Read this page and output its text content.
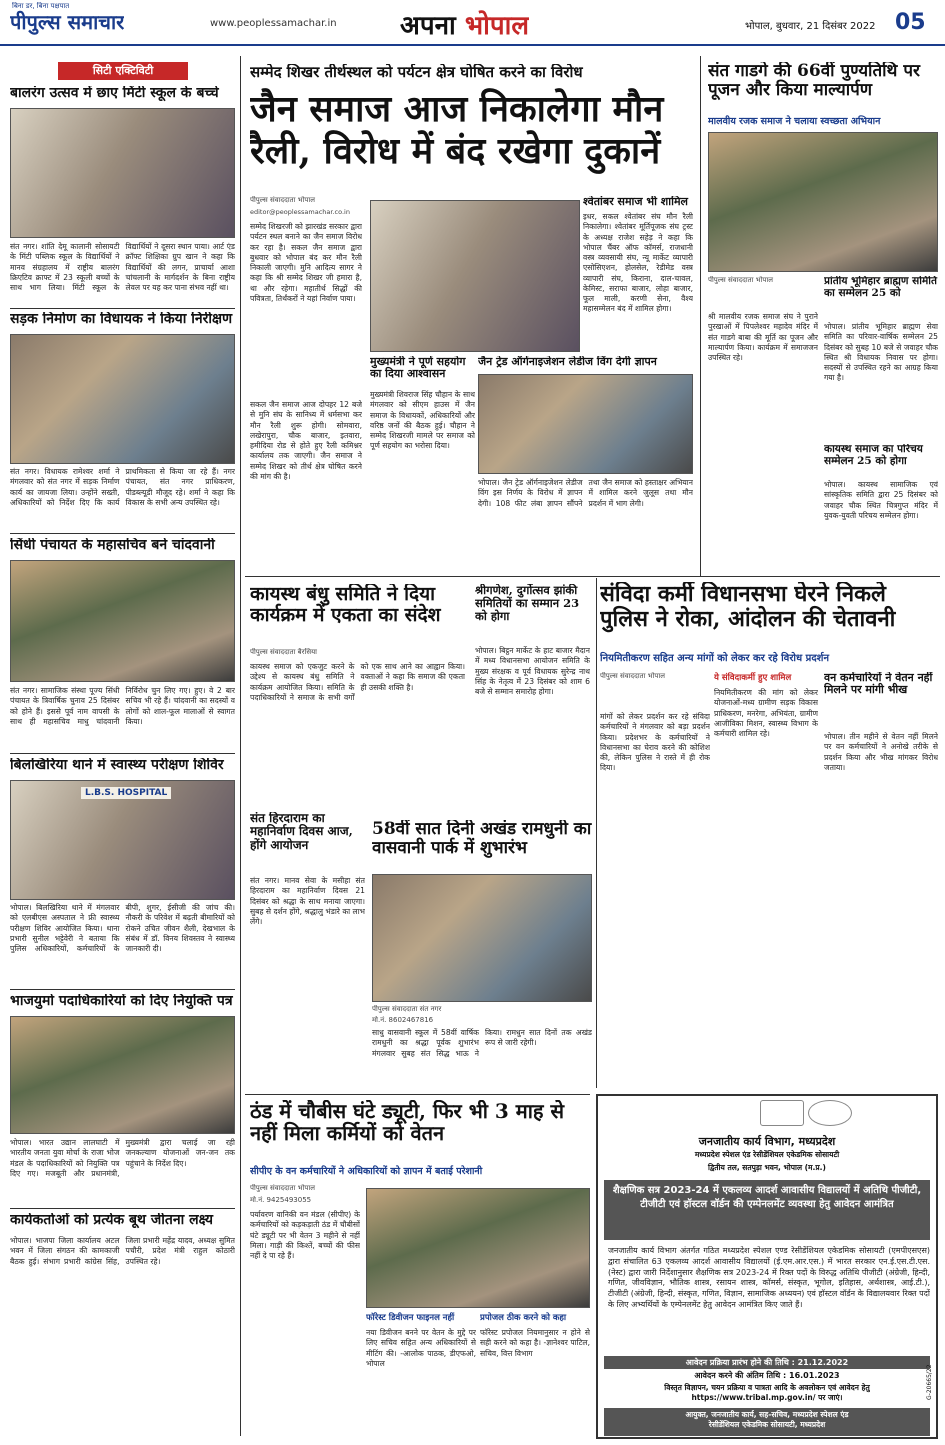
बिना डर, बिना पक्षपात
पीपुल्स समाचार	www.peoplessamachar.in अपना भोपाल	भोपाल, बुधवार, 21 दिसंबर 2022 05
सिटी एक्टिविटी
बालरंग उत्सव में छाए मिंटी स्कूल के बच्चे
संत नगर। शांति देमू कालानी सोसायटी के मिंटी पब्लिक स्कूल के विद्यार्थियों ने मानव संग्रहालय में राष्ट्रीय बालरंग क्रिएटिव क्राफ्ट में 23 स्कूली बच्चों के साथ भाग लिया। मिंटी स्कूल के विद्यार्थियों ने दूसरा स्थान पाया। आर्ट एंड क्रॉफ्ट शिक्षिका ग्रुप खान ने कहा कि विद्यार्थियों की लगन, प्राचार्या आशा चांचलानी के मार्गदर्शन के बिना राष्ट्रीय लेवल पर यह कर पाना संभव नहीं था।
सड़क निर्माण का विधायक ने किया निरीक्षण
संत नगर। विधायक रामेश्वर शर्मा ने मंगलवार को संत नगर में सड़क निर्माण कार्य का जायजा लिया। उन्होंने सख्ती, अधिकारियों को निर्देश दिए कि कार्य प्राथमिकता से किया जा रहे हैं। नगर पंचायत, संत नगर प्राधिकरण, पीडब्ल्यूडी मौजूद रहे। शर्मा ने कहा कि विकास के सभी अन्य उपस्थित रहे।
सिंधी पंचायत के महासचिव बने चांदवानी
संत नगर। सामाजिक संस्था पूज्य सिंधी पंचायत के त्रिवार्षिक चुनाव 25 दिसंबर को होने हैं। इससे पूर्व नाम वापसी के साथ ही महासचिव माधु चांदवानी निर्विरोध चुन लिए गए। हुए। वे 2 बार सचिव भी रहे हैं। चांदवानी का सदस्यों व लोगों को शाल-फूल मालाओं से स्वागत किया।
बिलखिरिया थाने में स्वास्थ्य परीक्षण शिविर
L.B.S. HOSPITAL
भोपाल। बिलखिरिया थाने में मंगलवार को एलबीएस अस्पताल ने फ्री स्वास्थ्य परीक्षण शिविर आयोजित किया। थाना प्रभारी सुनील भट्टेवेरी ने बताया कि पुलिस अधिकारियों, कर्मचारियों के बीपी, शुगर, ईसीजी की जांच की। नौकरी के परिवेश में बढ़ती बीमारियों को रोकने उचित जीवन शैली, देखभाल के संबंध में डॉ. विनय शिवस्तव ने स्वास्थ्य जानकारी दी।
भाजयुमो पदाधिकारियों को दिए नियुक्ति पत्र
भोपाल। भारत उद्यान लालघाटी में भारतीय जनता युवा मोर्चा के राजा भोज मंडल के पदाधिकारियों को नियुक्ति पत्र दिए गए। मजबूती और प्रधानमंत्री, मुख्यमंत्री द्वारा चलाई जा रही जनकल्याण योजनाओं जन-जन तक पहुंचाने के निर्देश दिए।
कार्यकर्ताओं को प्रत्येक बूथ जीतना लक्ष्य
भोपाल। भाजपा जिला कार्यालय अटल भवन में जिला संगठन की कामकाजी बैठक हुई। संभाग प्रभारी कांग्रेस सिंह, जिला प्रभारी महेंद्र यादव, अध्यक्ष सुमित पचौरी, प्रदेश मंत्री राहुल कोठारी उपस्थित रहे।
सम्मेद शिखर तीर्थस्थल को पर्यटन क्षेत्र घोषित करने का विरोध
जैन समाज आज निकालेगा मौन रैली, विरोध में बंद रखेगा दुकानें
पीपुल्स संवाददाता भोपाल
editor@peoplessamachar.co.in
सम्मेद शिखरजी को झारखंड सरकार द्वारा पर्यटन स्थल बनाने का जैन समाज विरोध कर रहा है। सकल जैन समाज द्वारा बुधवार को भोपाल बंद कर मौन रैली निकाली जाएगी। मुनि आदित्य सागर ने कहा कि श्री सम्मेद शिखर जी हमारा है, था और रहेगा। महातीर्थ सिद्धों की पवित्रता, तिर्थंकरों ने यहां निर्वाण पाया।
सकल जैन समाज आज दोपहर 12 बजे से मुनि संघ के सानिध्य में धर्मसभा कर मौन रैली शुरू होगी। सोमवारा, लखेरापुरा, चौक बाजार, इतवारा, हमीदिया रोड से होते हुए रैली कमिश्नर कार्यालय तक जाएगी। जैन समाज ने सम्मेद शिखर को तीर्थ क्षेत्र घोषित करने की मांग की है।
श्वेतांबर समाज भी शामिल
इधर, सकल श्वेतांबर संघ मौन रैली निकालेगा। श्वेतांबर मूर्तिपूजक संघ ट्रस्ट के अध्यक्ष राजेश सहेड़ ने कहा कि भोपाल चैंबर ऑफ कॉमर्स, राजधानी वस्त्र व्यवसायी संघ, न्यू मार्केट व्यापारी एसोसिएशन, होलसेल, रेडीमेड वस्त्र व्यापारी संघ, किराना, दाल-चावल, केमिस्ट, सराफा बाजार, लोहा बाजार, फूल माली, करणी सेना, वैश्य महासम्मेलन बंद में शामिल होगा।
मुख्यमंत्री ने पूर्ण सहयोग का दिया आश्वासन
मुख्यमंत्री शिवराज सिंह चौहान के साथ मंगलवार को सीएम हाउस में जैन समाज के विधायकों, अधिकारियों और वरिष्ठ जनों की बैठक हुई। चौहान ने सम्मेद शिखरजी मामले पर समाज को पूर्ण सहयोग का भरोसा दिया।
जैन ट्रेड ऑर्गनाइजेशन लेडीज विंग देगी ज्ञापन
भोपाल। जैन ट्रेड ऑर्गनाइजेशन लेडीज विंग इस निर्णय के विरोध में ज्ञापन देगी। 108 फीट लंबा ज्ञापन सौंपने तथा जैन समाज को हस्ताक्षर अभियान में शामिल करने जुलूस तथा मौन प्रदर्शन में भाग लेगी।
संत गाडगे की 66वीं पुण्यतिथि पर पूजन और किया माल्यार्पण
मालवीय रजक समाज ने चलाया स्वच्छता अभियान
पीपुल्स संवाददाता भोपाल
श्री मालवीय रजक समाज संघ ने पुराने पुरखाओं में पिपलेश्वर महादेव मंदिर में संत गाडगे बाबा की मूर्ति का पूजन और माल्यार्पण किया। कार्यक्रम में समाजजन उपस्थित रहे।
प्रांतीय भूमिहार ब्राह्मण समिति का सम्मेलन 25 को
भोपाल। प्रांतीय भूमिहार ब्राह्मण सेवा समिति का परिवार-वार्षिक सम्मेलन 25 दिसंबर को सुबह 10 बजे से जवाहर चौक स्थित श्री विधायक निवास पर होगा। सदस्यों से उपस्थित रहने का आग्रह किया गया है।
कायस्थ समाज का परिचय सम्मेलन 25 को होगा
भोपाल। कायस्थ सामाजिक एवं सांस्कृतिक समिति द्वारा 25 दिसंबर को जवाहर चौक स्थित चित्रगुप्त मंदिर में युवक-युवती परिचय सम्मेलन होगा।
कायस्थ बंधु समिति ने दिया कार्यक्रम में एकता का संदेश
पीपुल्स संवाददाता बैरसिया
कायस्थ समाज को एकजुट करने के उद्देश्य से कायस्थ बंधु समिति ने कार्यक्रम आयोजित किया। समिति के पदाधिकारियों ने समाज के सभी वर्गों को एक साथ आने का आह्वान किया। वक्ताओं ने कहा कि समाज की एकता ही उसकी शक्ति है।
श्रीगणेश, दुर्गोत्सव झांकी समितियों का सम्मान 23 को होगा
भोपाल। बिट्ठन मार्केट के हाट बाजार मैदान में मध्य विधानसभा आयोजन समिति के मुख्य संरक्षक व पूर्व विधायक सुरेन्द्र नाथ सिंह के नेतृत्व में 23 दिसंबर को शाम 6 बजे से सम्मान समारोह होगा।
संत हिरदाराम का महानिर्वाण दिवस आज, होंगे आयोजन
संत नगर। मानव सेवा के मसीहा संत हिरदाराम का महानिर्वाण दिवस 21 दिसंबर को श्रद्धा के साथ मनाया जाएगा। सुबह से दर्शन होंगे, श्रद्धालु भंडारे का लाभ लेंगे।
58वीं सात दिनी अखंड रामधुनी का वासवानी पार्क में शुभारंभ
पीपुल्स संवाददाता संत नगर
मो.नं. 8602467816
साधु वासवानी स्कूल में 58वीं वार्षिक रामधुनी का श्रद्धा पूर्वक शुभारंभ मंगलवार सुबह संत सिद्ध भाऊ ने किया। रामधुन सात दिनों तक अखंड रूप से जारी रहेगी।
संविदा कर्मी विधानसभा घेरने निकले पुलिस ने रोका, आंदोलन की चेतावनी
नियमितीकरण सहित अन्य मांगों को लेकर कर रहे विरोध प्रदर्शन
पीपुल्स संवाददाता भोपाल
मांगों को लेकर प्रदर्शन कर रहे संविदा कर्मचारियों ने मंगलवार को बड़ा प्रदर्शन किया। प्रदेशभर के कर्मचारियों ने विधानसभा का घेराव करने की कोशिश की, लेकिन पुलिस ने रास्ते में ही रोक दिया।
ये संविदाकर्मी हुए शामिल
नियमितीकरण की मांग को लेकर योजनाओं-मध्य ग्रामीण सड़क विकास प्राधिकरण, मनरेगा, अभियंता, ग्रामीण आजीविका मिशन, स्वास्थ्य विभाग के कर्मचारी शामिल रहे।
वन कर्मचारियों ने वेतन नहीं मिलने पर मांगी भीख
भोपाल। तीन महीने से वेतन नहीं मिलने पर वन कर्मचारियों ने अनोखे तरीके से प्रदर्शन किया और भीख मांगकर विरोध जताया।
ठंड में चौबीस घंटे ड्यूटी, फिर भी 3 माह से नहीं मिला कर्मियों को वेतन
सीपीए के वन कर्मचारियों ने अधिकारियों को ज्ञापन में बताई परेशानी
पीपुल्स संवाददाता भोपाल
मो.नं. 9425493055
पर्यावरण वानिकी वन मंडल (सीपीए) के कर्मचारियों को कड़कड़ाती ठंड में चौबीसों घंटे ड्यूटी पर भी वेतन 3 महीने से नहीं मिला। गाड़ी की किश्तें, बच्चों की फीस नहीं दे पा रहे हैं।
फॉरेस्ट डिवीजन फाइनल नहीं
नया डिवीजन बनने पर वेतन के मुद्दे पर लिए सचिव सहित अन्य अधिकारियों से मीटिंग की। -आलोक पाठक, डीएफओ, भोपाल
प्रपोजल ठीक करने को कहा
फॉरेस्ट प्रपोजल नियमानुसार न होने से सही करने को कहा है। -ज्ञानेश्वर पाटिल, सचिव, वित्त विभाग
जनजातीय कार्य विभाग, मध्यप्रदेश
मध्यप्रदेश स्पेशल एंड रेसीडेंशियल एकेडमिक सोसायटी
द्वितीय तल, सतपुड़ा भवन, भोपाल (म.प्र.)
शैक्षणिक सत्र 2023-24 में एकलव्य आदर्श आवासीय विद्यालयों में अतिथि पीजीटी, टीजीटी एवं हॉस्टल वॉर्डन की एम्पेनलमेंट व्यवस्था हेतु आवेदन आमंत्रित
जनजातीय कार्य विभाग अंतर्गत गठित मध्यप्रदेश स्पेशल एण्ड रेसीडेंशियल एकेडमिक सोसायटी (एमपीएसएस) द्वारा संचालित 63 एकलव्य आदर्श आवासीय विद्यालयों (ई.एम.आर.एस.) में भारत सरकार एन.ई.एस.टी.एस. (नेस्ट) द्वारा जारी निर्देशानुसार शैक्षणिक सत्र 2023-24 में रिक्त पदों के विरुद्ध अतिथि पीजीटी (अंग्रेजी, हिन्दी, गणित, जीवविज्ञान, भौतिक शास्त्र, रसायन शास्त्र, कॉमर्स, संस्कृत, भूगोल, इतिहास, अर्थशास्त्र, आई.टी.), टीजीटी (अंग्रेजी, हिन्दी, संस्कृत, गणित, विज्ञान, सामाजिक अध्ययन) एवं हॉस्टल वॉर्डन के विद्यालयवार रिक्त पदों के लिए अभ्यर्थियों के एम्पेनलमेंट हेतु आवेदन आमंत्रित किए जाते हैं।
आवेदन प्रक्रिया प्रारंभ होने की तिथि : 21.12.2022
आवेदन करने की अंतिम तिथि : 16.01.2023
विस्तृत विज्ञापन, चयन प्रक्रिया व पात्रता आदि के अवलोकन एवं आवेदन हेतु https://www.tribal.mp.gov.in/ पर जाएं।
आयुक्त, जनजातीय कार्य, सह-सचिव, मध्यप्रदेश स्पेशल एंड
रेसीडेंशियल एकेडमिक सोसायटी, मध्यप्रदेश
G-20665/22
